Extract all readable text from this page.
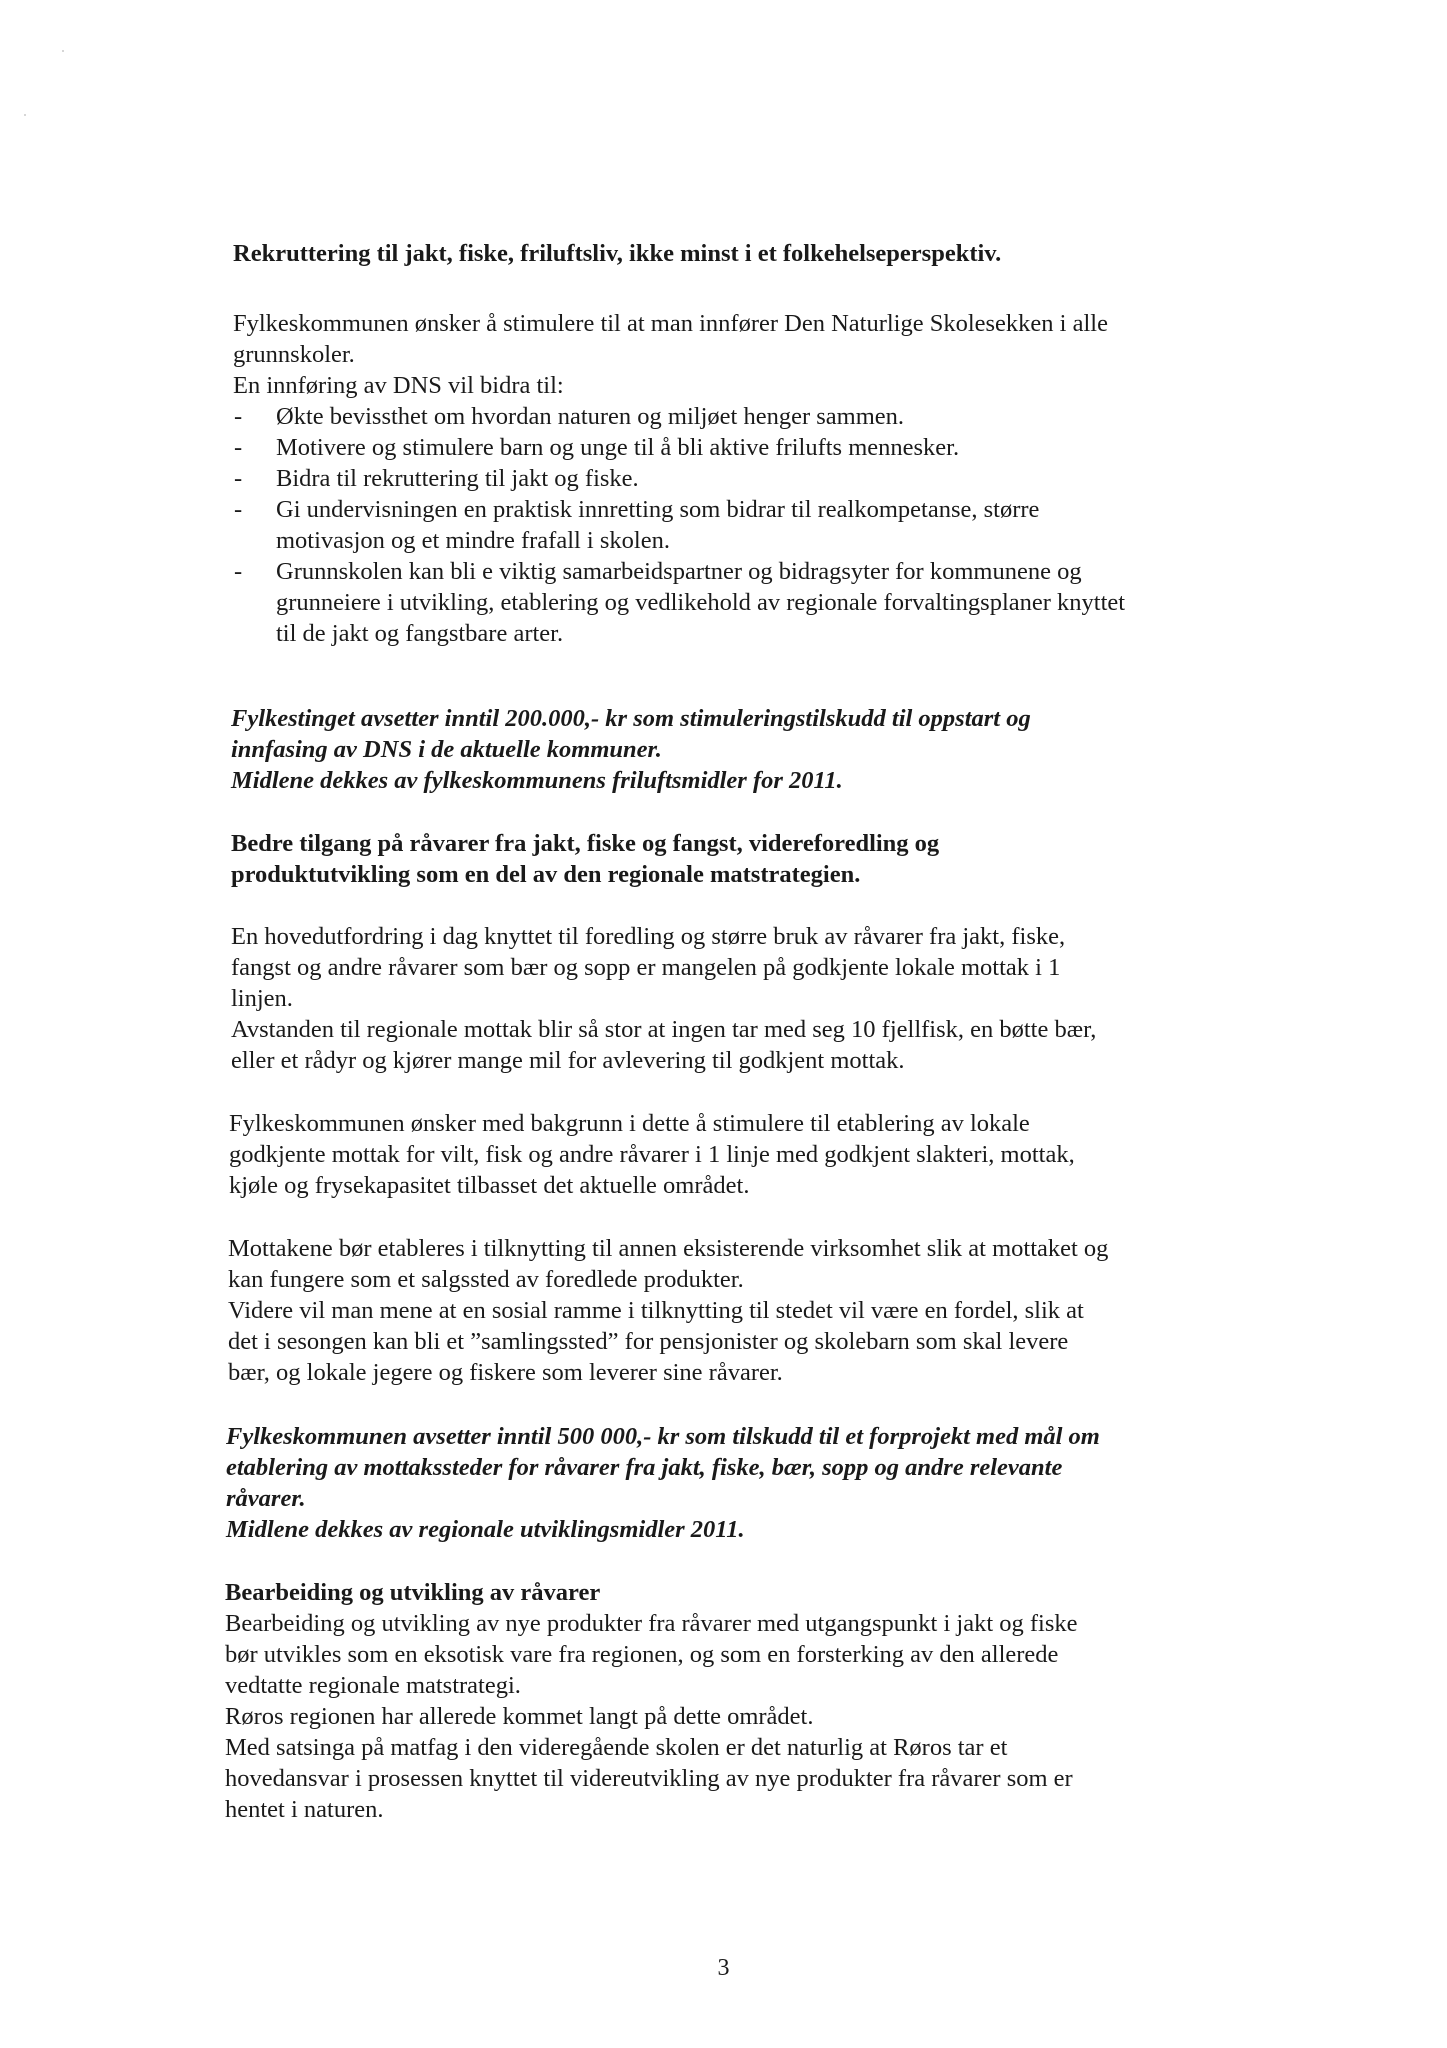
Rekruttering til jakt, fiske, friluftsliv, ikke minst i et folkehelseperspektiv.
Fylkeskommunen ønsker å stimulere til at man innfører Den Naturlige Skolesekken i alle
grunnskoler.
En innføring av DNS vil bidra til:
- Økte bevissthet om hvordan naturen og miljøet henger sammen.
- Motivere og stimulere barn og unge til å bli aktive frilufts mennesker.
- Bidra til rekruttering til jakt og fiske.
- Gi undervisningen en praktisk innretting som bidrar til realkompetanse, større
motivasjon og et mindre frafall i skolen.
- Grunnskolen kan bli e viktig samarbeidspartner og bidragsyter for kommunene og
grunneiere i utvikling, etablering og vedlikehold av regionale forvaltingsplaner knyttet
til de jakt og fangstbare arter.
Fylkestinget avsetter inntil 200.000,- kr som stimuleringstilskudd til oppstart og
innfasing av DNS i de aktuelle kommuner.
Midlene dekkes av fylkeskommunens friluftsmidler for 2011.
Bedre tilgang på råvarer fra jakt, fiske og fangst, videreforedling og
produktutvikling som en del av den regionale matstrategien.
En hovedutfordring i dag knyttet til foredling og større bruk av råvarer fra jakt, fiske,
fangst og andre råvarer som bær og sopp er mangelen på godkjente lokale mottak i 1
linjen.
Avstanden til regionale mottak blir så stor at ingen tar med seg 10 fjellfisk, en bøtte bær,
eller et rådyr og kjører mange mil for avlevering til godkjent mottak.
Fylkeskommunen ønsker med bakgrunn i dette å stimulere til etablering av lokale
godkjente mottak for vilt, fisk og andre råvarer i 1 linje med godkjent slakteri, mottak,
kjøle og frysekapasitet tilbasset det aktuelle området.
Mottakene bør etableres i tilknytting til annen eksisterende virksomhet slik at mottaket og
kan fungere som et salgssted av foredlede produkter.
Videre vil man mene at en sosial ramme i tilknytting til stedet vil være en fordel, slik at
det i sesongen kan bli et ”samlingssted” for pensjonister og skolebarn som skal levere
bær, og lokale jegere og fiskere som leverer sine råvarer.
Fylkeskommunen avsetter inntil 500 000,- kr som tilskudd til et forprojekt med mål om
etablering av mottakssteder for råvarer fra jakt, fiske, bær, sopp og andre relevante
råvarer.
Midlene dekkes av regionale utviklingsmidler 2011.
Bearbeiding og utvikling av råvarer
Bearbeiding og utvikling av nye produkter fra råvarer med utgangspunkt i jakt og fiske
bør utvikles som en eksotisk vare fra regionen, og som en forsterking av den allerede
vedtatte regionale matstrategi.
Røros regionen har allerede kommet langt på dette området.
Med satsinga på matfag i den videregående skolen er det naturlig at Røros tar et
hovedansvar i prosessen knyttet til videreutvikling av nye produkter fra råvarer som er
hentet i naturen.
3
